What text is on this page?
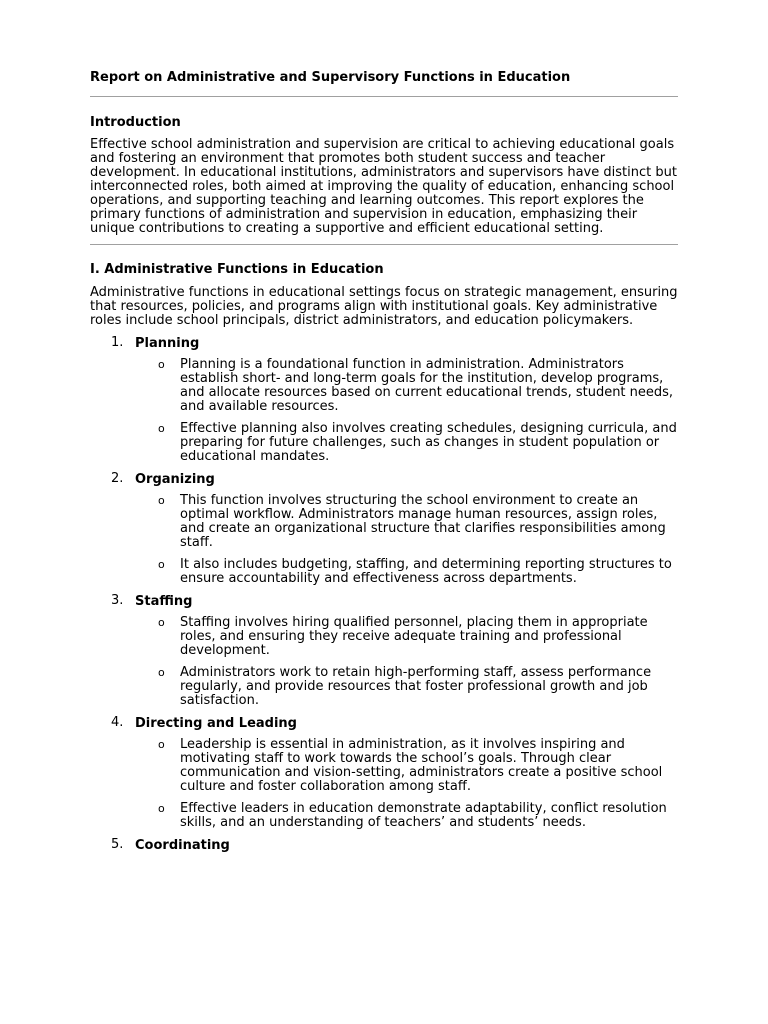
Report on Administrative and Supervisory Functions in Education
Introduction

Effective school administration and supervision are critical to achieving educational goals and fostering an environment that promotes both student success and teacher development. In educational institutions, administrators and supervisors have distinct but interconnected roles, both aimed at improving the quality of education, enhancing school operations, and supporting teaching and learning outcomes. This report explores the primary functions of administration and supervision in education, emphasizing their unique contributions to creating a supportive and efficient educational setting.

I. Administrative Functions in Education

Administrative functions in educational settings focus on strategic management, ensuring that resources, policies, and programs align with institutional goals. Key administrative roles include school principals, district administrators, and education policymakers.

1. Planning
o Planning is a foundational function in administration. Administrators establish short- and long-term goals for the institution, develop programs, and allocate resources based on current educational trends, student needs, and available resources.
o Effective planning also involves creating schedules, designing curricula, and preparing for future challenges, such as changes in student population or educational mandates.
2. Organizing
o This function involves structuring the school environment to create an optimal workflow. Administrators manage human resources, assign roles, and create an organizational structure that clarifies responsibilities among staff.
o It also includes budgeting, staffing, and determining reporting structures to ensure accountability and effectiveness across departments.
3. Staffing
o Staffing involves hiring qualified personnel, placing them in appropriate roles, and ensuring they receive adequate training and professional development.
o Administrators work to retain high-performing staff, assess performance regularly, and provide resources that foster professional growth and job satisfaction.
4. Directing and Leading
o Leadership is essential in administration, as it involves inspiring and motivating staff to work towards the school’s goals. Through clear communication and vision-setting, administrators create a positive school culture and foster collaboration among staff.
o Effective leaders in education demonstrate adaptability, conflict resolution skills, and an understanding of teachers’ and students’ needs.
5. Coordinating
